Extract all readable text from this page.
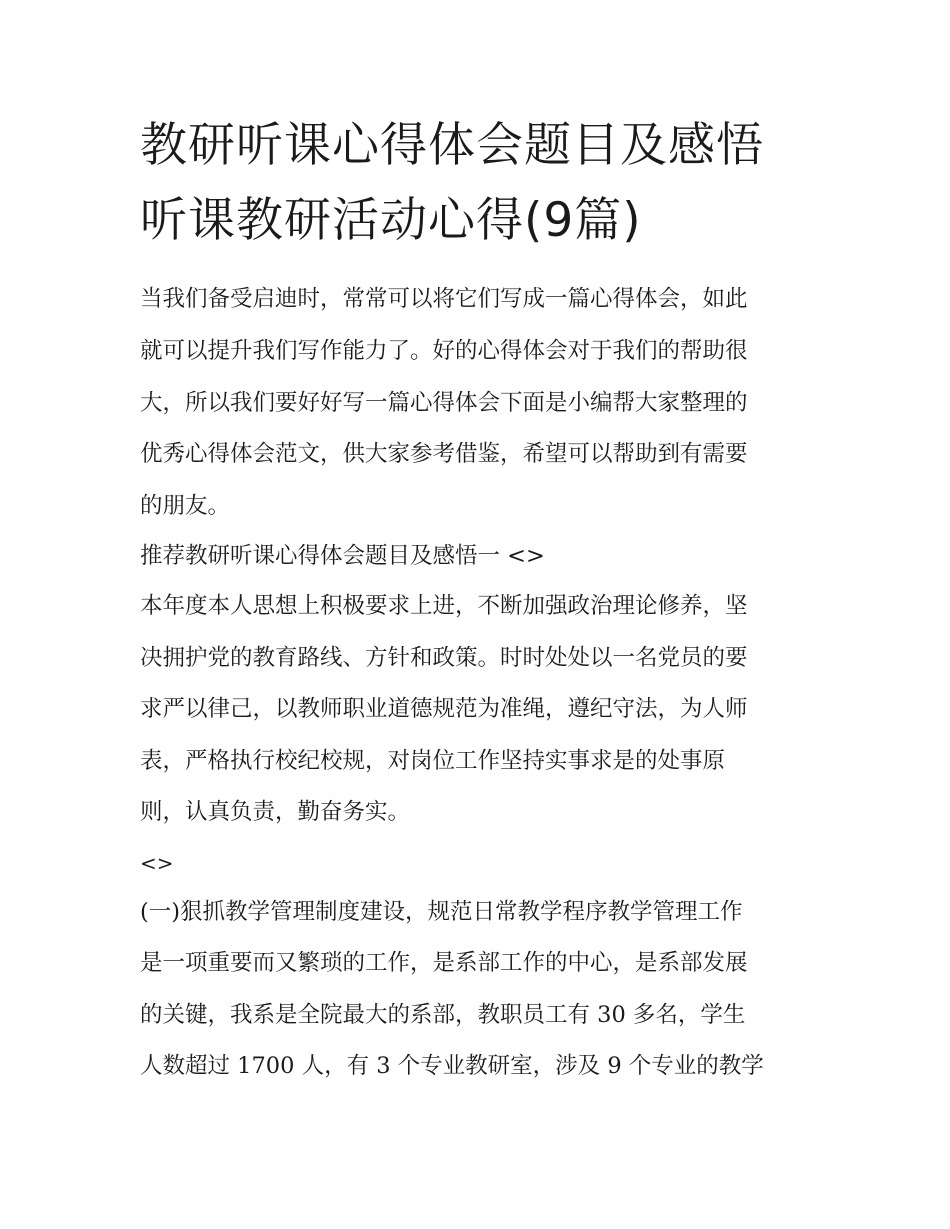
教研听课心得体会题目及感悟
听课教研活动心得(9篇)
当我们备受启迪时，常常可以将它们写成一篇心得体会，如此
就可以提升我们写作能力了。好的心得体会对于我们的帮助很
大，所以我们要好好写一篇心得体会下面是小编帮大家整理的
优秀心得体会范文，供大家参考借鉴，希望可以帮助到有需要
的朋友。
推荐教研听课心得体会题目及感悟一 <>
本年度本人思想上积极要求上进，不断加强政治理论修养，坚
决拥护党的教育路线、方针和政策。时时处处以一名党员的要
求严以律己，以教师职业道德规范为准绳，遵纪守法，为人师
表，严格执行校纪校规，对岗位工作坚持实事求是的处事原
则，认真负责，勤奋务实。
<>
(一)狠抓教学管理制度建设，规范日常教学程序教学管理工作
是一项重要而又繁琐的工作，是系部工作的中心，是系部发展
的关键，我系是全院最大的系部，教职员工有 30 多名，学生
人数超过 1700 人，有 3 个专业教研室，涉及 9 个专业的教学
